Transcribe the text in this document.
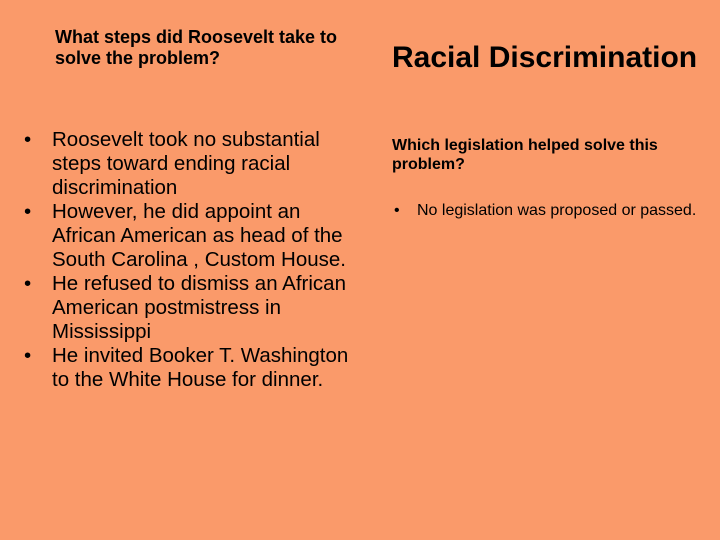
What steps did Roosevelt take to solve the problem?

• Roosevelt took no substantial steps toward ending racial discrimination
• However, he did appoint an African American as head of the South Carolina , Custom House.
• He refused to dismiss an African American postmistress in Mississippi
• He invited Booker T. Washington to the White House for dinner.
Racial Discrimination

Which legislation helped solve this problem?

• No legislation was proposed or passed.
